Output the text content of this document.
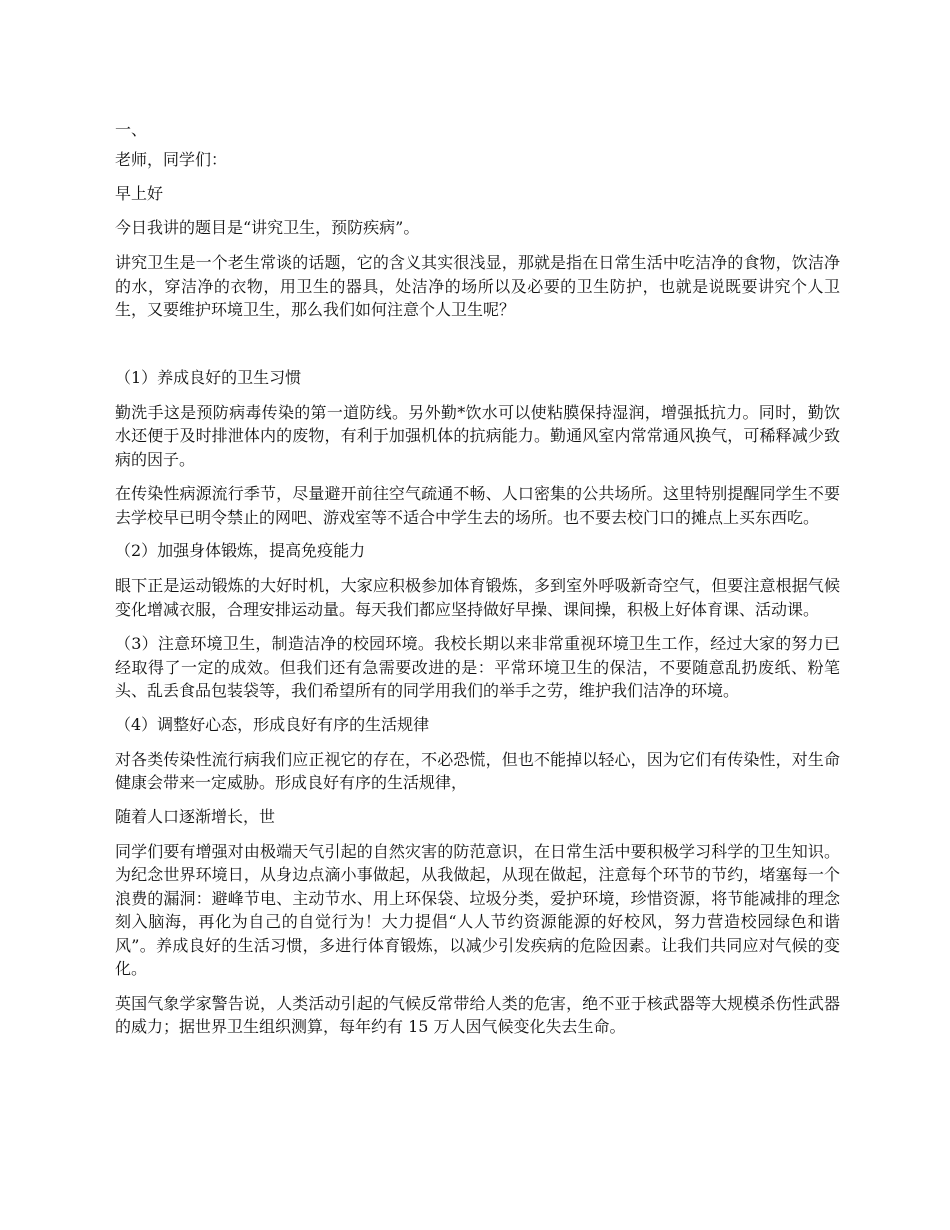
一、

老师，同学们：

早上好

今日我讲的题目是“讲究卫生，预防疾病”。

讲究卫生是一个老生常谈的话题，它的含义其实很浅显，那就是指在日常生活中吃洁净的食物，饮洁净的水，穿洁净的衣物，用卫生的器具，处洁净的场所以及必要的卫生防护，也就是说既要讲究个人卫生，又要维护环境卫生，那么我们如何注意个人卫生呢？

（1）养成良好的卫生习惯

勤洗手这是预防病毒传染的第一道防线。另外勤*饮水可以使粘膜保持湿润，增强抵抗力。同时，勤饮水还便于及时排泄体内的废物，有利于加强机体的抗病能力。勤通风室内常常通风换气，可稀释减少致病的因子。

在传染性病源流行季节，尽量避开前往空气疏通不畅、人口密集的公共场所。这里特别提醒同学生不要去学校早已明令禁止的网吧、游戏室等不适合中学生去的场所。也不要去校门口的摊点上买东西吃。

（2）加强身体锻炼，提高免疫能力

眼下正是运动锻炼的大好时机，大家应积极参加体育锻炼，多到室外呼吸新奇空气，但要注意根据气候变化增减衣服，合理安排运动量。每天我们都应坚持做好早操、课间操，积极上好体育课、活动课。

（3）注意环境卫生，制造洁净的校园环境。我校长期以来非常重视环境卫生工作，经过大家的努力已经取得了一定的成效。但我们还有急需要改进的是：平常环境卫生的保洁，不要随意乱扔废纸、粉笔头、乱丢食品包装袋等，我们希望所有的同学用我们的举手之劳，维护我们洁净的环境。

（4）调整好心态，形成良好有序的生活规律

对各类传染性流行病我们应正视它的存在，不必恐慌，但也不能掉以轻心，因为它们有传染性，对生命健康会带来一定威胁。形成良好有序的生活规律，

随着人口逐渐增长，世

同学们要有增强对由极端天气引起的自然灾害的防范意识，在日常生活中要积极学习科学的卫生知识。为纪念世界环境日，从身边点滴小事做起，从我做起，从现在做起，注意每个环节的节约，堵塞每一个浪费的漏洞：避峰节电、主动节水、用上环保袋、垃圾分类，爱护环境，珍惜资源，将节能减排的理念刻入脑海，再化为自己的自觉行为！大力提倡“人人节约资源能源的好校风，努力营造校园绿色和谐风”。养成良好的生活习惯，多进行体育锻炼，以减少引发疾病的危险因素。让我们共同应对气候的变化。

英国气象学家警告说，人类活动引起的气候反常带给人类的危害，绝不亚于核武器等大规模杀伤性武器的威力；据世界卫生组织测算，每年约有 15 万人因气候变化失去生命。
